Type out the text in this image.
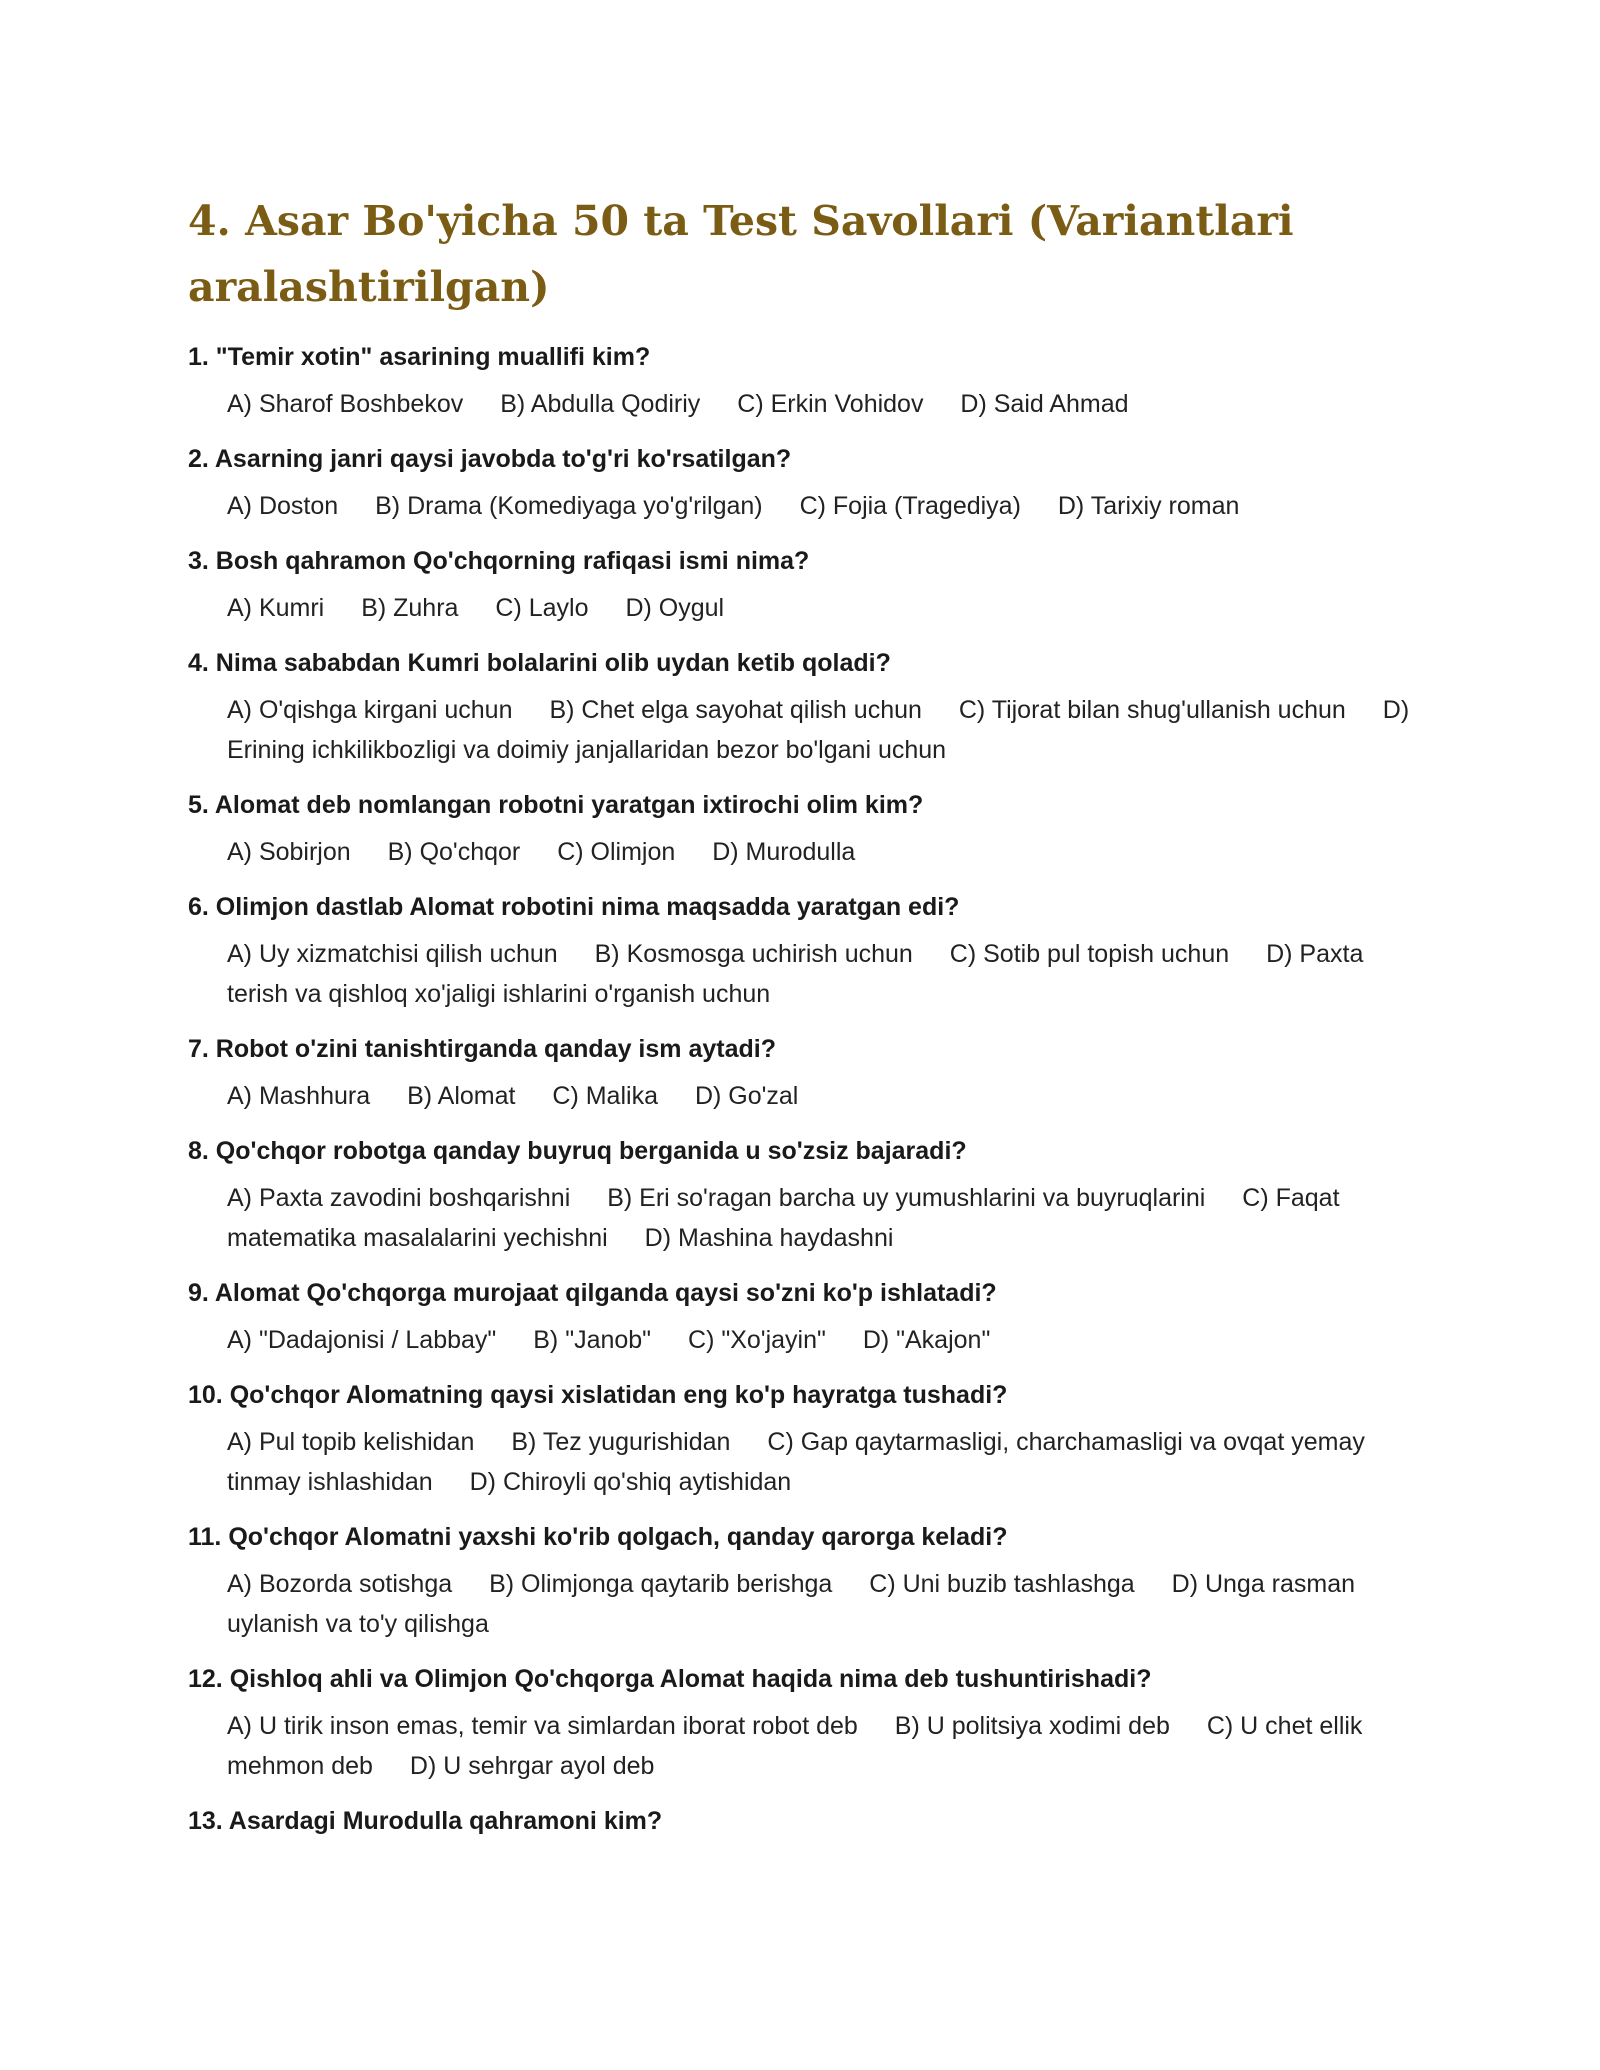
4. Asar Bo'yicha 50 ta Test Savollari (Variantlari aralashtirilgan)
1. "Temir xotin" asarining muallifi kim?
A) Sharof Boshbekov B) Abdulla Qodiriy C) Erkin Vohidov D) Said Ahmad
2. Asarning janri qaysi javobda to'g'ri ko'rsatilgan?
A) Doston B) Drama (Komediyaga yo'g'rilgan) C) Fojia (Tragediya) D) Tarixiy roman
3. Bosh qahramon Qo'chqorning rafiqasi ismi nima?
A) Kumri B) Zuhra C) Laylo D) Oygul
4. Nima sababdan Kumri bolalarini olib uydan ketib qoladi?
A) O'qishga kirgani uchun B) Chet elga sayohat qilish uchun C) Tijorat bilan shug'ullanish uchun D) Erining ichkilikbozligi va doimiy janjallaridan bezor bo'lgani uchun
5. Alomat deb nomlangan robotni yaratgan ixtirochi olim kim?
A) Sobirjon B) Qo'chqor C) Olimjon D) Murodulla
6. Olimjon dastlab Alomat robotini nima maqsadda yaratgan edi?
A) Uy xizmatchisi qilish uchun B) Kosmosga uchirish uchun C) Sotib pul topish uchun D) Paxta terish va qishloq xo'jaligi ishlarini o'rganish uchun
7. Robot o'zini tanishtirganda qanday ism aytadi?
A) Mashhura B) Alomat C) Malika D) Go'zal
8. Qo'chqor robotga qanday buyruq berganida u so'zsiz bajaradi?
A) Paxta zavodini boshqarishni B) Eri so'ragan barcha uy yumushlarini va buyruqlarini C) Faqat matematika masalalarini yechishni D) Mashina haydashni
9. Alomat Qo'chqorga murojaat qilganda qaysi so'zni ko'p ishlatadi?
A) "Dadajonisi / Labbay" B) "Janob" C) "Xo'jayin" D) "Akajon"
10. Qo'chqor Alomatning qaysi xislatidan eng ko'p hayratga tushadi?
A) Pul topib kelishidan B) Tez yugurishidan C) Gap qaytarmasligi, charchamasligi va ovqat yemay tinmay ishlashidan D) Chiroyli qo'shiq aytishidan
11. Qo'chqor Alomatni yaxshi ko'rib qolgach, qanday qarorga keladi?
A) Bozorda sotishga B) Olimjonga qaytarib berishga C) Uni buzib tashlashga D) Unga rasman uylanish va to'y qilishga
12. Qishloq ahli va Olimjon Qo'chqorga Alomat haqida nima deb tushuntirishadi?
A) U tirik inson emas, temir va simlardan iborat robot deb B) U politsiya xodimi deb C) U chet ellik mehmon deb D) U sehrgar ayol deb
13. Asardagi Murodulla qahramoni kim?
